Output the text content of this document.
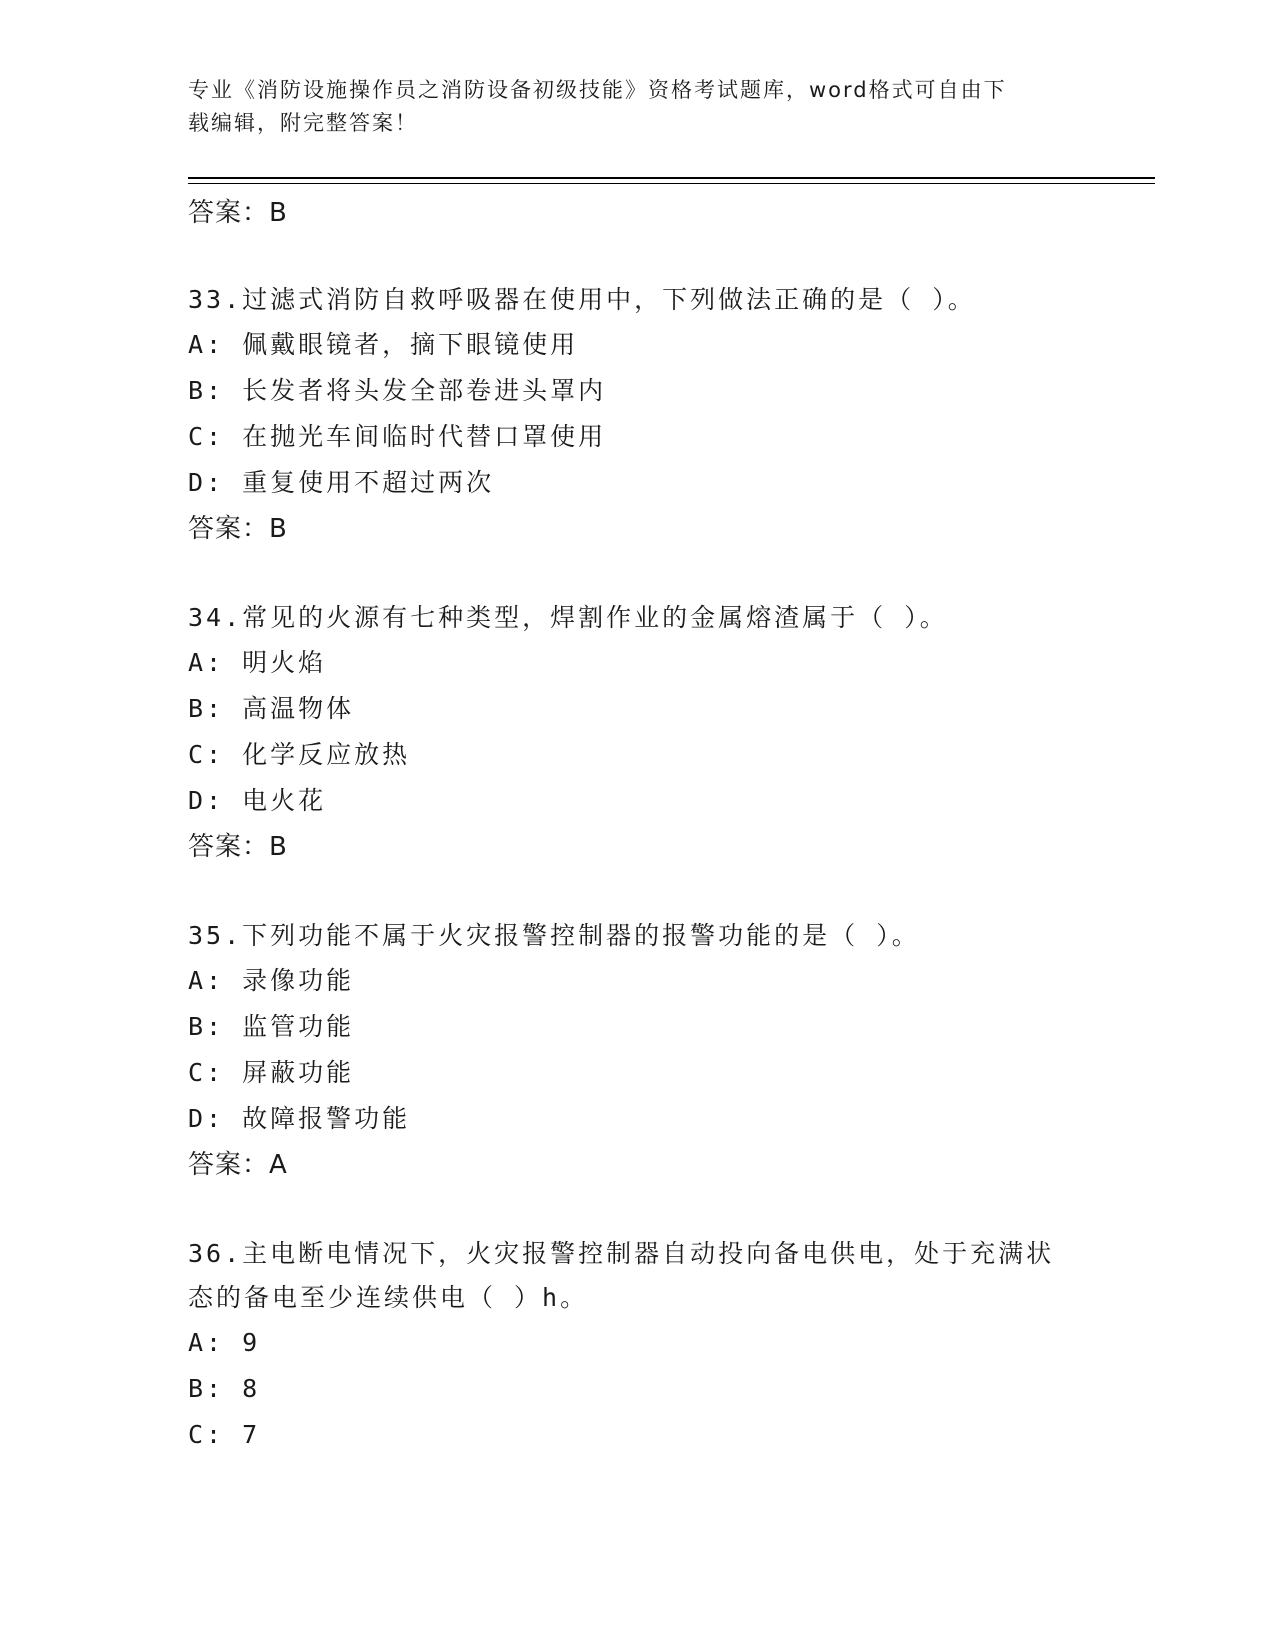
专业《消防设施操作员之消防设备初级技能》资格考试题库，word格式可自由下
载编辑，附完整答案！
答案：B
33.过滤式消防自救呼吸器在使用中，下列做法正确的是（ ）。
A: 佩戴眼镜者，摘下眼镜使用
B: 长发者将头发全部卷进头罩内
C: 在抛光车间临时代替口罩使用
D: 重复使用不超过两次
答案：B
34.常见的火源有七种类型，焊割作业的金属熔渣属于（ ）。
A: 明火焰
B: 高温物体
C: 化学反应放热
D: 电火花
答案：B
35.下列功能不属于火灾报警控制器的报警功能的是（ ）。
A: 录像功能
B: 监管功能
C: 屏蔽功能
D: 故障报警功能
答案：A
36.主电断电情况下，火灾报警控制器自动投向备电供电，处于充满状
态的备电至少连续供电（ ）h。
A: 9
B: 8
C: 7
